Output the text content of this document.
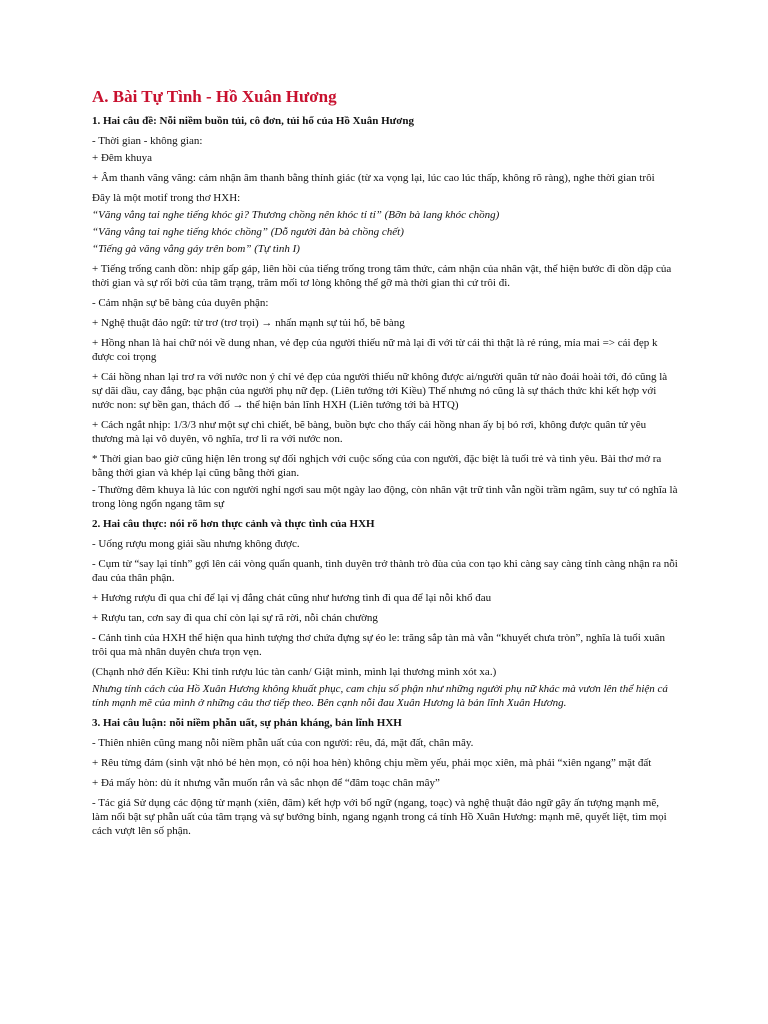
A. Bài Tự Tình - Hồ Xuân Hương
1. Hai câu đề: Nỗi niềm buồn tủi, cô đơn, tủi hổ của Hồ Xuân Hương
- Thời gian - không gian:
+ Đêm khuya
+ Âm thanh vãng vãng: cảm nhận âm thanh bằng thính giác (từ xa vọng lại, lúc cao lúc thấp, không rõ ràng), nghe thời gian trôi
Đây là một motif trong thơ HXH:
“Văng vẳng tai nghe tiếng khóc gì? Thương chồng nên khóc tỉ tỉ” (Bỡn bà lang khóc chồng)
“Văng vẳng tai nghe tiếng khóc chồng” (Dỗ người đàn bà chồng chết)
“Tiếng gà văng vẳng gáy trên bom” (Tự tình I)
+ Tiếng trống canh dồn: nhịp gấp gáp, liên hồi của tiếng trống trong tâm thức, cảm nhận của nhân vật, thể hiện bước đi dồn dập của thời gian và sự rối bời của tâm trạng, trăm mối tơ lòng không thể gỡ mà thời gian thì cứ trôi đi.
- Cảm nhận sự bẽ bàng của duyên phận:
+ Nghệ thuật đảo ngữ: từ trơ (trơ trọi) → nhấn mạnh sự tủi hổ, bẽ bàng
+ Hồng nhan là hai chữ nói về dung nhan, vẻ đẹp của người thiếu nữ mà lại đi với từ cái thì thật là rẻ rúng, mỉa mai => cái đẹp k được coi trọng
+ Cái hồng nhan lại trơ ra với nước non ý chỉ vẻ đẹp của người thiếu nữ không được ai/người quân tử nào đoái hoài tới, đó cũng là sự dãi dầu, cay đắng, bạc phận của người phụ nữ đẹp. (Liên tưởng tới Kiều) Thế nhưng nó cũng là sự thách thức khi kết hợp với nước non: sự bền gan, thách đố → thể hiện bản lĩnh HXH (Liên tưởng tới bà HTQ)
+ Cách ngắt nhịp: 1/3/3 như một sự chì chiết, bẽ bàng, buồn bực cho thấy cái hồng nhan ấy bị bỏ rơi, không được quân tử yêu thương mà lại vô duyên, vô nghĩa, trơ lì ra với nước non.
* Thời gian bao giờ cũng hiện lên trong sự đối nghịch với cuộc sống của con người, đặc biệt là tuổi trẻ và tình yêu. Bài thơ mở ra bằng thời gian và khép lại cũng bằng thời gian.
- Thường đêm khuya là lúc con người nghỉ ngơi sau một ngày lao động, còn nhân vật trữ tình vẫn ngồi trầm ngâm, suy tư có nghĩa là trong lòng ngổn ngang tâm sự
2. Hai câu thực: nói rõ hơn thực cảnh và thực tình của HXH
- Uống rượu mong giải sầu nhưng không được.
- Cụm từ “say lại tỉnh” gợi lên cái vòng quẩn quanh, tình duyên trở thành trò đùa của con tạo khi càng say càng tỉnh càng nhận ra nỗi đau của thân phận.
+ Hương rượu đi qua chỉ để lại vị đắng chát cũng như hương tình đi qua để lại nỗi khổ đau
+ Rượu tan, cơn say đi qua chỉ còn lại sự rã rời, nỗi chán chường
- Cảnh tình của HXH thể hiện qua hình tượng thơ chứa đựng sự éo le: trăng sắp tàn mà vẫn “khuyết chưa tròn”, nghĩa là tuổi xuân trôi qua mà nhân duyên chưa trọn vẹn.
(Chạnh nhớ đến Kiều: Khi tỉnh rượu lúc tàn canh/ Giật mình, mình lại thương mình xót xa.)
Nhưng tính cách của Hồ Xuân Hương không khuất phục, cam chịu số phận như những người phụ nữ khác mà vươn lên thể hiện cá tính mạnh mẽ của mình ở những câu thơ tiếp theo. Bên cạnh nỗi đau Xuân Hương là bản lĩnh Xuân Hương.
3. Hai câu luận: nỗi niềm phẫn uất, sự phản kháng, bản lĩnh HXH
- Thiên nhiên cũng mang nỗi niềm phẫn uất của con người: rêu, đá, mặt đất, chân mây.
+ Rêu từng đám (sinh vật nhỏ bé hèn mọn, cỏ nội hoa hèn) không chịu mềm yếu, phải mọc xiên, mà phải “xiên ngang” mặt đất
+ Đá mấy hòn: dù ít nhưng vẫn muốn rắn và sắc nhọn để “đâm toạc chân mây”
- Tác giả Sử dụng các động từ mạnh (xiên, đâm) kết hợp với bổ ngữ (ngang, toạc) và nghệ thuật đảo ngữ gây ấn tượng mạnh mẽ, làm nổi bật sự phẫn uất của tâm trạng và sự bướng bỉnh, ngang ngạnh trong cá tính Hồ Xuân Hương: mạnh mẽ, quyết liệt, tìm mọi cách vượt lên số phận.
